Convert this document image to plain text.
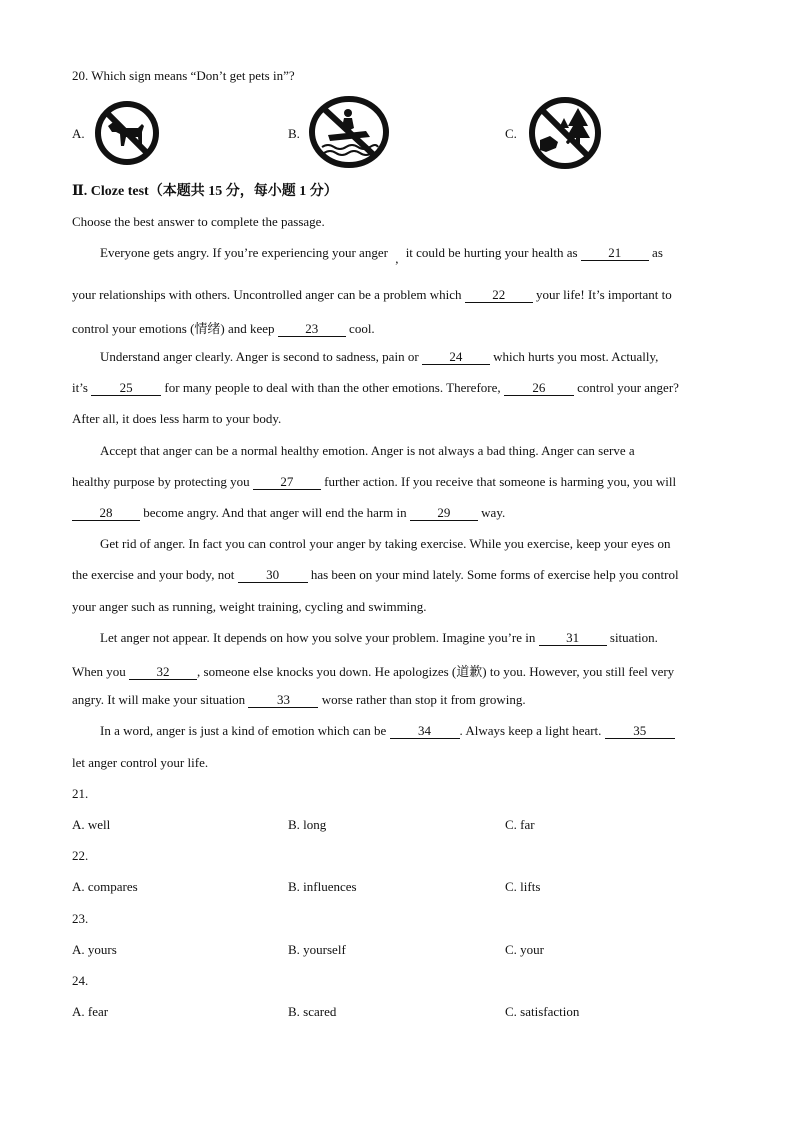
20. Which sign means “Don’t get pets in”?
A.	B.	C.
Ⅱ. Cloze test（本题共 15 分，每小题 1 分）
Choose the best answer to complete the passage.
Everyone gets angry. If you’re experiencing your anger , it could be hurting your health as 21 as
your relationships with others. Uncontrolled anger can be a problem which 22 your life! It’s important to
control your emotions (情绪) and keep 23 cool.
Understand anger clearly. Anger is second to sadness, pain or 24 which hurts you most. Actually,
it’s 25 for many people to deal with than the other emotions. Therefore, 26 control your anger?
After all, it does less harm to your body.
Accept that anger can be a normal healthy emotion. Anger is not always a bad thing. Anger can serve a
healthy purpose by protecting you 27 further action. If you receive that someone is harming you, you will
28 become angry. And that anger will end the harm in 29 way.
Get rid of anger. In fact you can control your anger by taking exercise. While you exercise, keep your eyes on
the exercise and your body, not 30 has been on your mind lately. Some forms of exercise help you control
your anger such as running, weight training, cycling and swimming.
Let anger not appear. It depends on how you solve your problem. Imagine you’re in 31 situation.
When you 32 , someone else knocks you down. He apologizes (道歉) to you. However, you still feel very
angry. It will make your situation 33 worse rather than stop it from growing.
In a word, anger is just a kind of emotion which can be 34 . Always keep a light heart. 35
let anger control your life.
21.
A. well	B. long	C. far
22.
A. compares	B. influences	C. lifts
23.
A. yours	B. yourself	C. your
24.
A. fear	B. scared	C. satisfaction
